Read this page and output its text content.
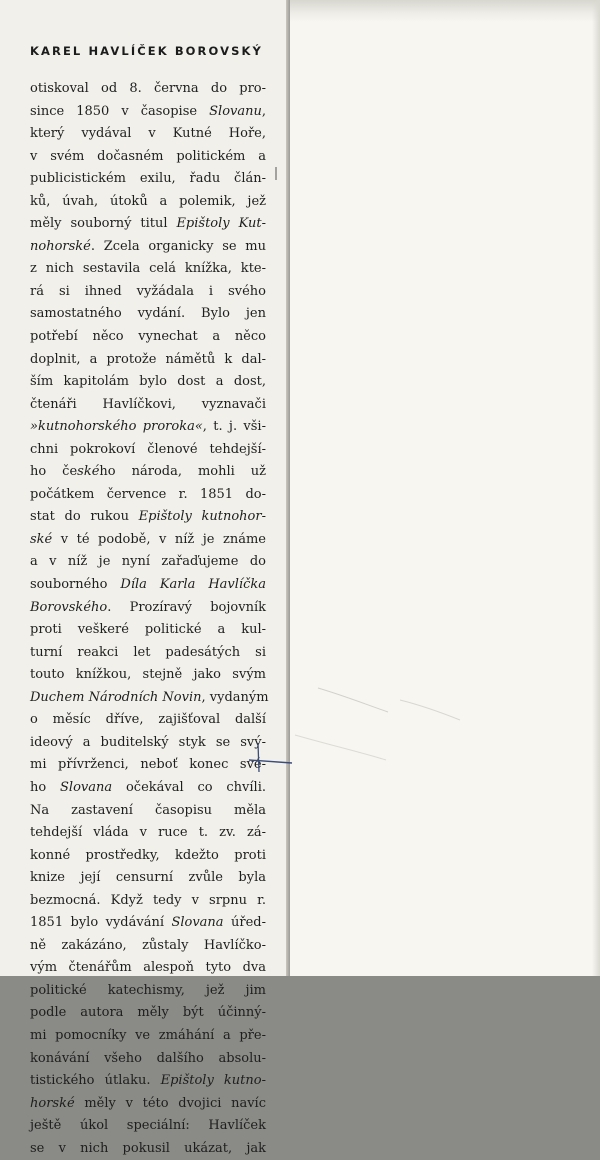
KAREL HAVLÍČEK BOROVSKÝ
otiskoval od 8. června do pro-
since 1850 v časopise Slovanu,
který vydával v Kutné Hoře,
v svém dočasném politickém a
publicistickém exilu, řadu člán-
ků, úvah, útoků a polemik, jež
měly souborný titul Epištoly Kut-
nohorské. Zcela organicky se mu
z nich sestavila celá knížka, kte-
rá si ihned vyžádala i svého
samostatného vydání. Bylo jen
potřebí něco vynechat a něco
doplnit, a protože námětů k dal-
ším kapitolám bylo dost a dost,
čtenáři Havlíčkovi, vyznavači
»kutnohorského proroka«, t. j. vši-
chni pokrokoví členové tehdejší-
ho českého národa, mohli už
počátkem července r. 1851 do-
stat do rukou Epištoly kutnohor-
ské v té podobě, v níž je známe
a v níž je nyní zařaďujeme do
souborného Díla Karla Havlíčka
Borovského. Prozíravý bojovník
proti veškeré politické a kul-
turní reakci let padesátých si
touto knížkou, stejně jako svým
Duchem Národních Novin, vydaným
o měsíc dříve, zajišťoval další
ideový a buditelský styk se svý-
mi přívrženci, neboť konec své-
ho Slovana očekával co chvíli.
Na zastavení časopisu měla
tehdejší vláda v ruce t. zv. zá-
konné prostředky, kdežto proti
knize její censurní zvůle byla
bezmocná. Když tedy v srpnu r.
1851 bylo vydávání Slovana úřed-
ně zakázáno, zůstaly Havlíčko-
vým čtenářům alespoň tyto dva
politické katechismy, jež jim
podle autora měly být účinný-
mi pomocníky ve zmáhání a pře-
konávání všeho dalšího absolu-
tistického útlaku. Epištoly kutno-
horské měly v této dvojici navíc
ještě úkol speciální: Havlíček
se v nich pokusil ukázat, jak
